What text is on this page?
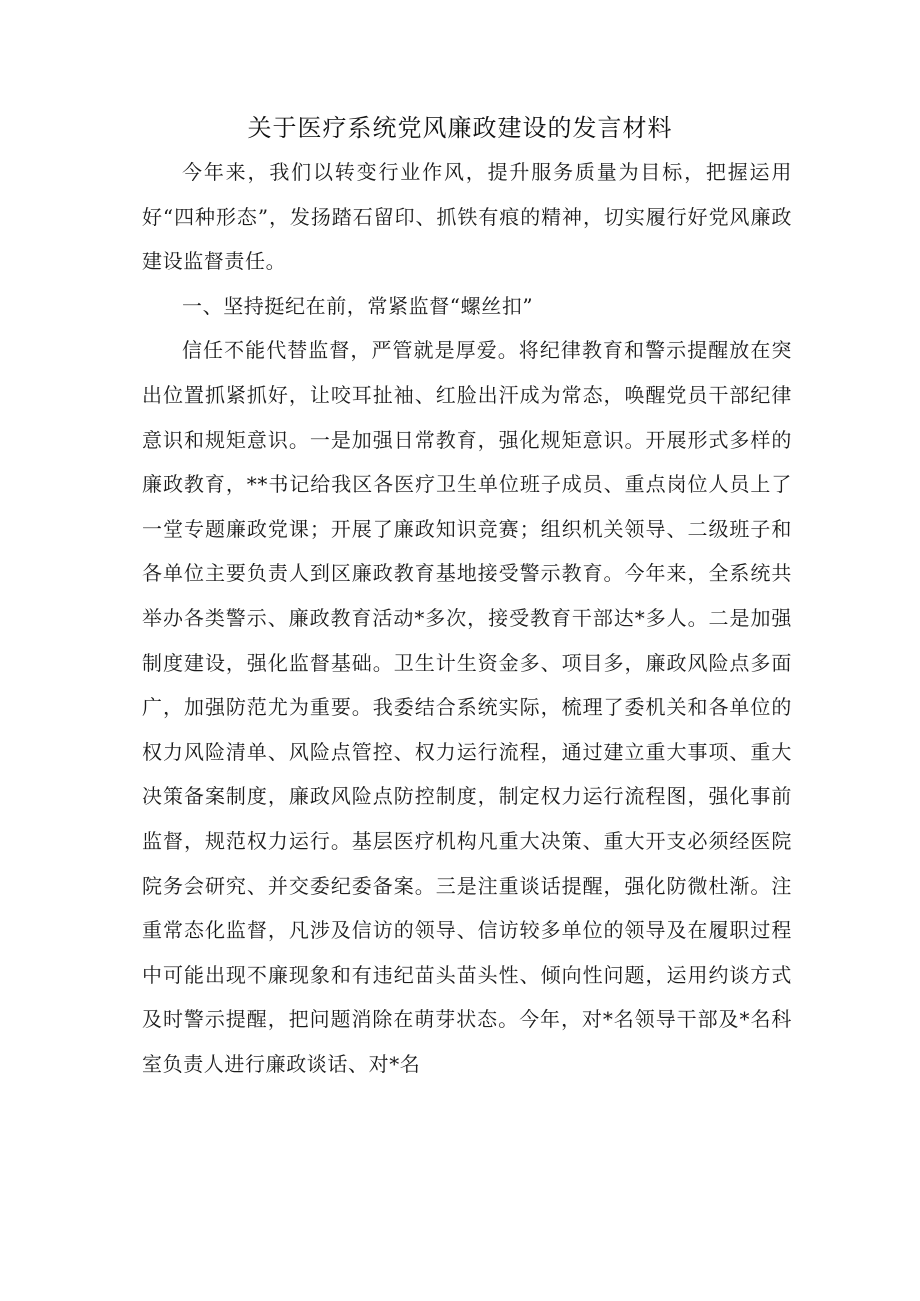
关于医疗系统党风廉政建设的发言材料

今年来，我们以转变行业作风，提升服务质量为目标，把握运用好“四种形态”，发扬踏石留印、抓铁有痕的精神，切实履行好党风廉政建设监督责任。

一、坚持挺纪在前，常紧监督“螺丝扣”

信任不能代替监督，严管就是厚爱。将纪律教育和警示提醒放在突出位置抓紧抓好，让咬耳扯袖、红脸出汗成为常态，唤醒党员干部纪律意识和规矩意识。一是加强日常教育，强化规矩意识。开展形式多样的廉政教育，**书记给我区各医疗卫生单位班子成员、重点岗位人员上了一堂专题廉政党课；开展了廉政知识竞赛；组织机关领导、二级班子和各单位主要负责人到区廉政教育基地接受警示教育。今年来，全系统共举办各类警示、廉政教育活动*多次，接受教育干部达*多人。二是加强制度建设，强化监督基础。卫生计生资金多、项目多，廉政风险点多面广，加强防范尤为重要。我委结合系统实际，梳理了委机关和各单位的权力风险清单、风险点管控、权力运行流程，通过建立重大事项、重大决策备案制度，廉政风险点防控制度，制定权力运行流程图，强化事前监督，规范权力运行。基层医疗机构凡重大决策、重大开支必须经医院院务会研究、并交委纪委备案。三是注重谈话提醒，强化防微杜渐。注重常态化监督，凡涉及信访的领导、信访较多单位的领导及在履职过程中可能出现不廉现象和有违纪苗头苗头性、倾向性问题，运用约谈方式及时警示提醒，把问题消除在萌芽状态。今年，对*名领导干部及*名科室负责人进行廉政谈话、对*名
